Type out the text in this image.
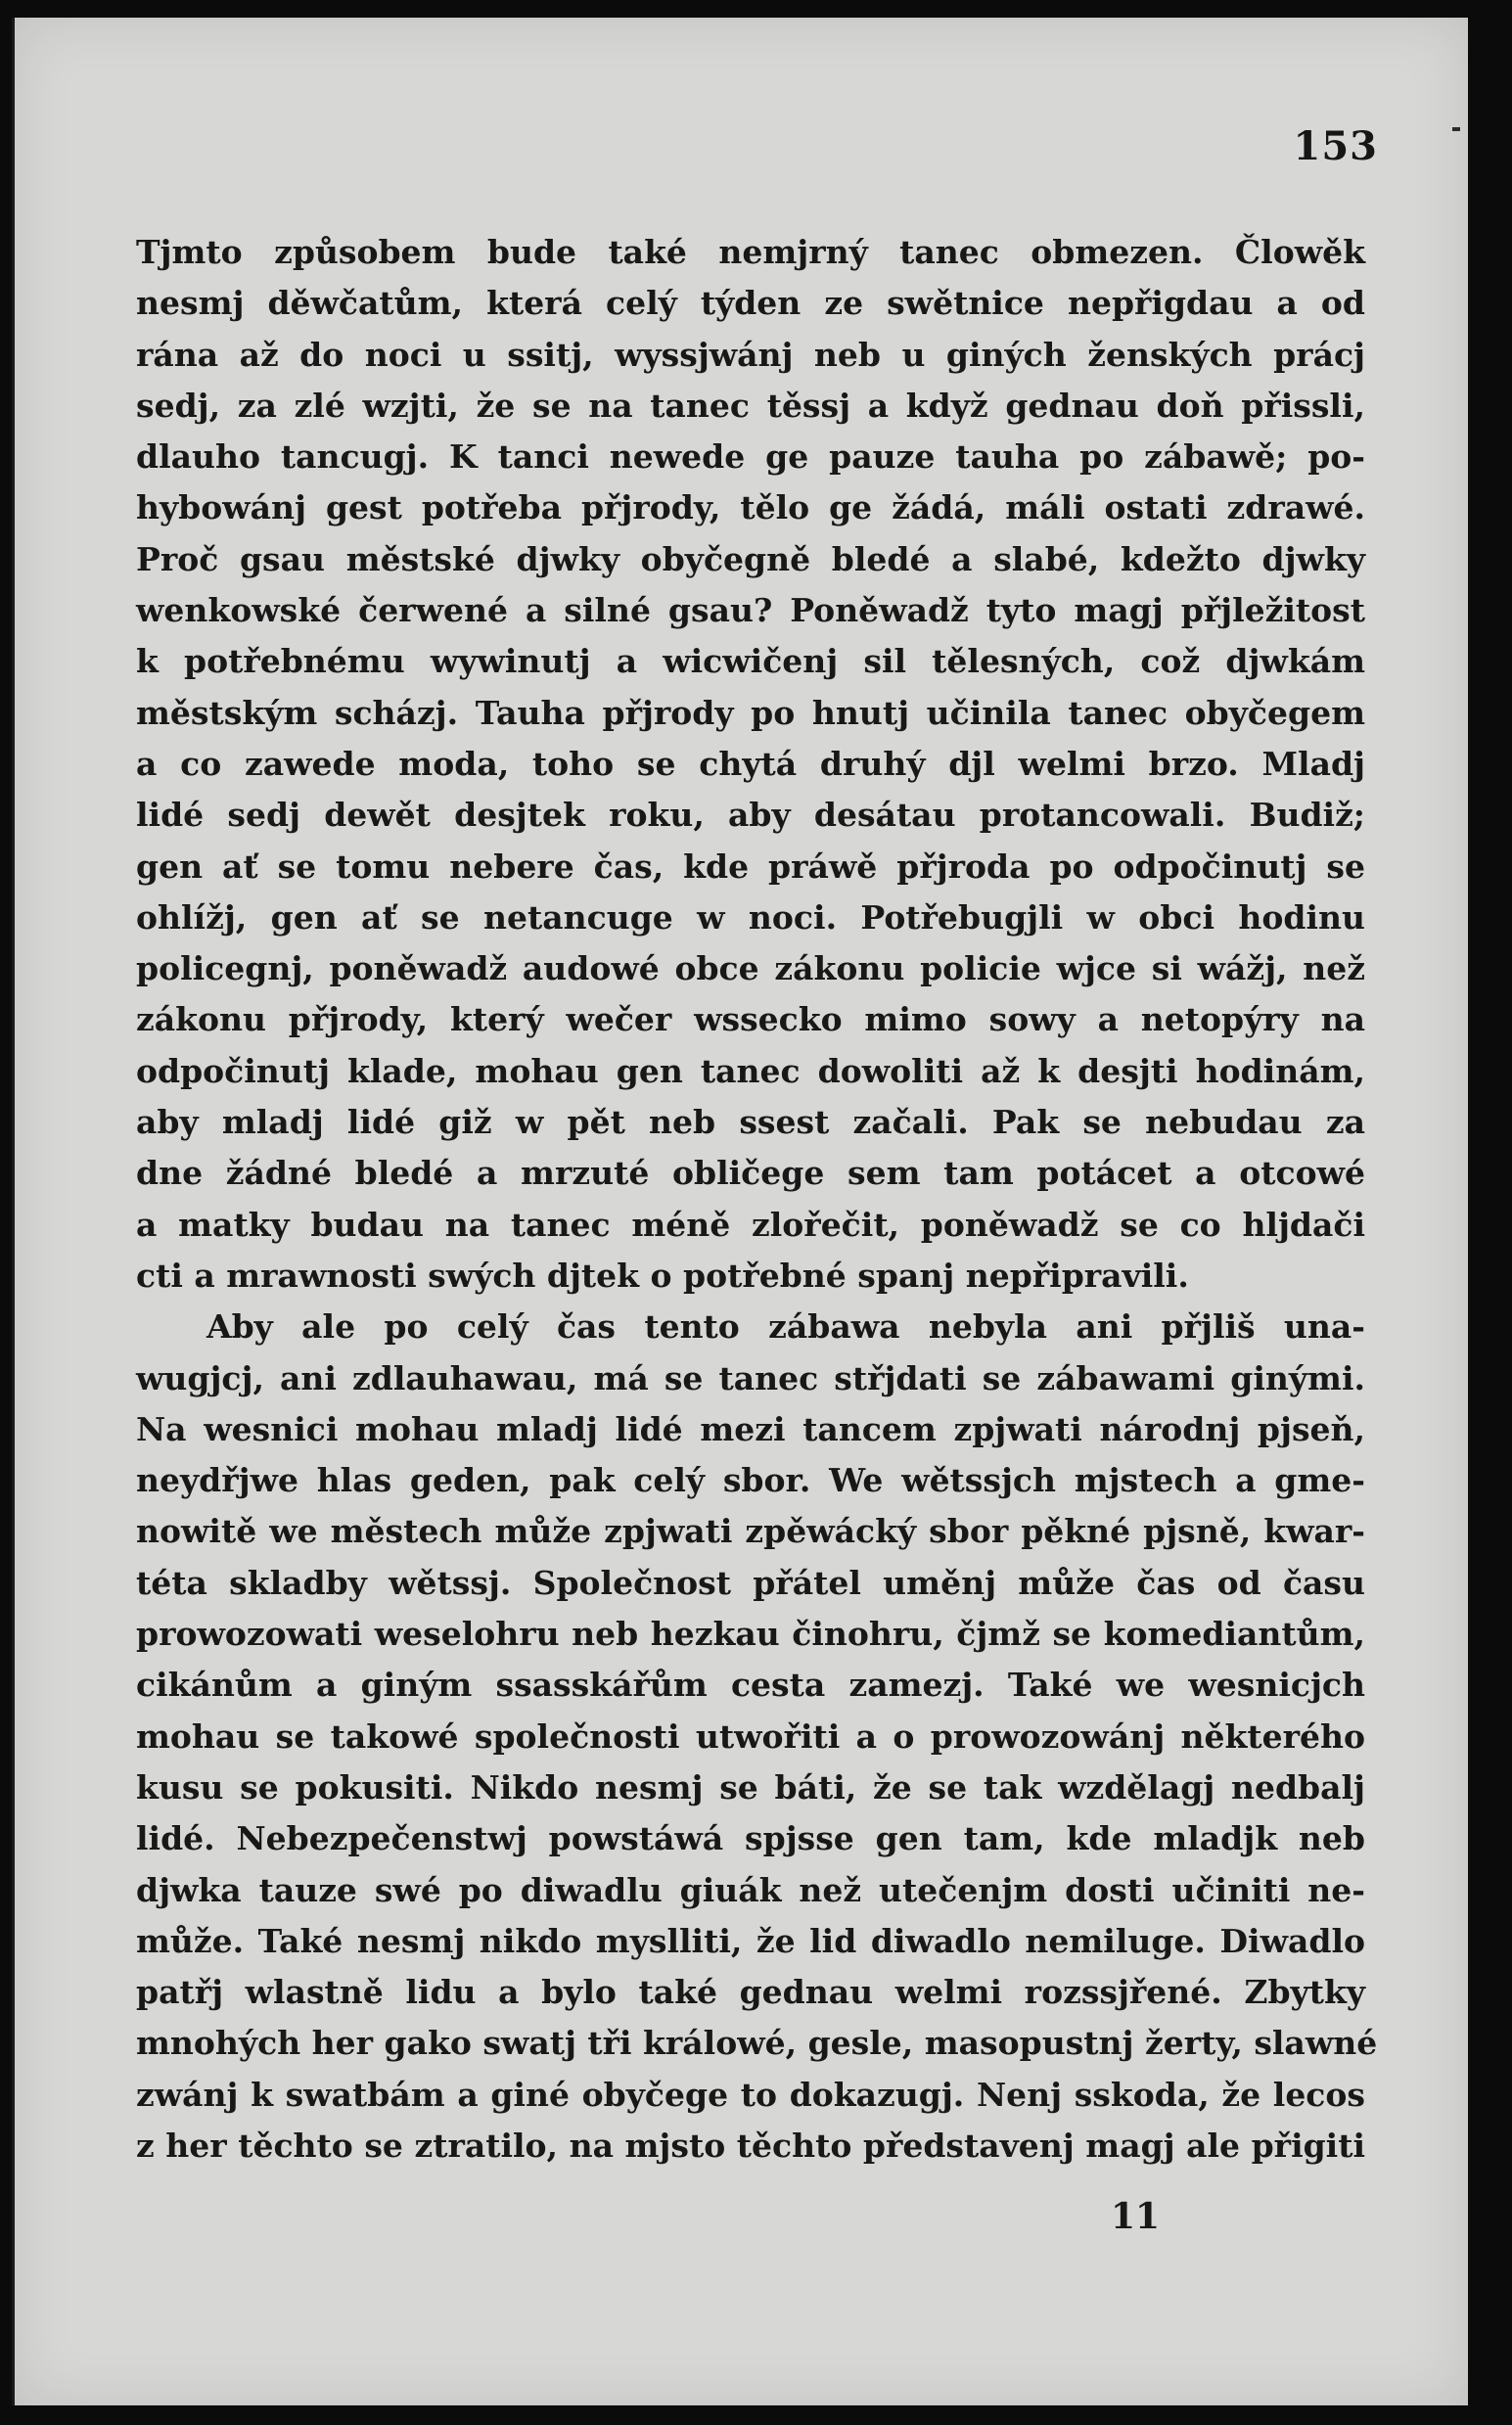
153
Tjmto způsobem bude také nemjrný tanec obmezen. Člowěk
nesmj děwčatům, která celý týden ze swětnice nepřigdau a od
rána až do noci u ssitj, wyssjwánj neb u giných ženských prácj
sedj, za zlé wzjti, že se na tanec těssj a když gednau doň přissli,
dlauho tancugj. K tanci newede ge pauze tauha po zábawě; po-
hybowánj gest potřeba přjrody, tělo ge žádá, máli ostati zdrawé.
Proč gsau městské djwky obyčegně bledé a slabé, kdežto djwky
wenkowské čerwené a silné gsau? Poněwadž tyto magj přjležitost
k potřebnému wywinutj a wicwičenj sil tělesných, což djwkám
městským scházj. Tauha přjrody po hnutj učinila tanec obyčegem
a co zawede moda, toho se chytá druhý djl welmi brzo. Mladj
lidé sedj dewět desjtek roku, aby desátau protancowali. Budiž;
gen ať se tomu nebere čas, kde práwě přjroda po odpočinutj se
ohlížj, gen ať se netancuge w noci. Potřebugjli w obci hodinu
policegnj, poněwadž audowé obce zákonu policie wjce si wážj, než
zákonu přjrody, který wečer wssecko mimo sowy a netopýry na
odpočinutj klade, mohau gen tanec dowoliti až k desjti hodinám,
aby mladj lidé giž w pět neb ssest začali. Pak se nebudau za
dne žádné bledé a mrzuté obličege sem tam potácet a otcowé
a matky budau na tanec méně zlořečit, poněwadž se co hljdači
cti a mrawnosti swých djtek o potřebné spanj nepřipravili.
Aby ale po celý čas tento zábawa nebyla ani přjliš una-
wugjcj, ani zdlauhawau, má se tanec střjdati se zábawami ginými.
Na wesnici mohau mladj lidé mezi tancem zpjwati národnj pjseň,
neydřjwe hlas geden, pak celý sbor. We wětssjch mjstech a gme-
nowitě we městech může zpjwati zpěwácký sbor pěkné pjsně, kwar-
téta skladby wětssj. Společnost přátel uměnj může čas od času
prowozowati weselohru neb hezkau činohru, čjmž se komediantům,
cikánům a giným ssasskářům cesta zamezj. Také we wesnicjch
mohau se takowé společnosti utwořiti a o prowozowánj některého
kusu se pokusiti. Nikdo nesmj se báti, že se tak wzdělagj nedbalj
lidé. Nebezpečenstwj powstáwá spjsse gen tam, kde mladjk neb
djwka tauze swé po diwadlu giuák než utečenjm dosti učiniti ne-
může. Také nesmj nikdo myslliti, že lid diwadlo nemiluge. Diwadlo
patřj wlastně lidu a bylo také gednau welmi rozssjřené. Zbytky
mnohých her gako swatj tři králowé, gesle, masopustnj žerty, slawné
zwánj k swatbám a giné obyčege to dokazugj. Nenj sskoda, že lecos
z her těchto se ztratilo, na mjsto těchto představenj magj ale přigiti
11
